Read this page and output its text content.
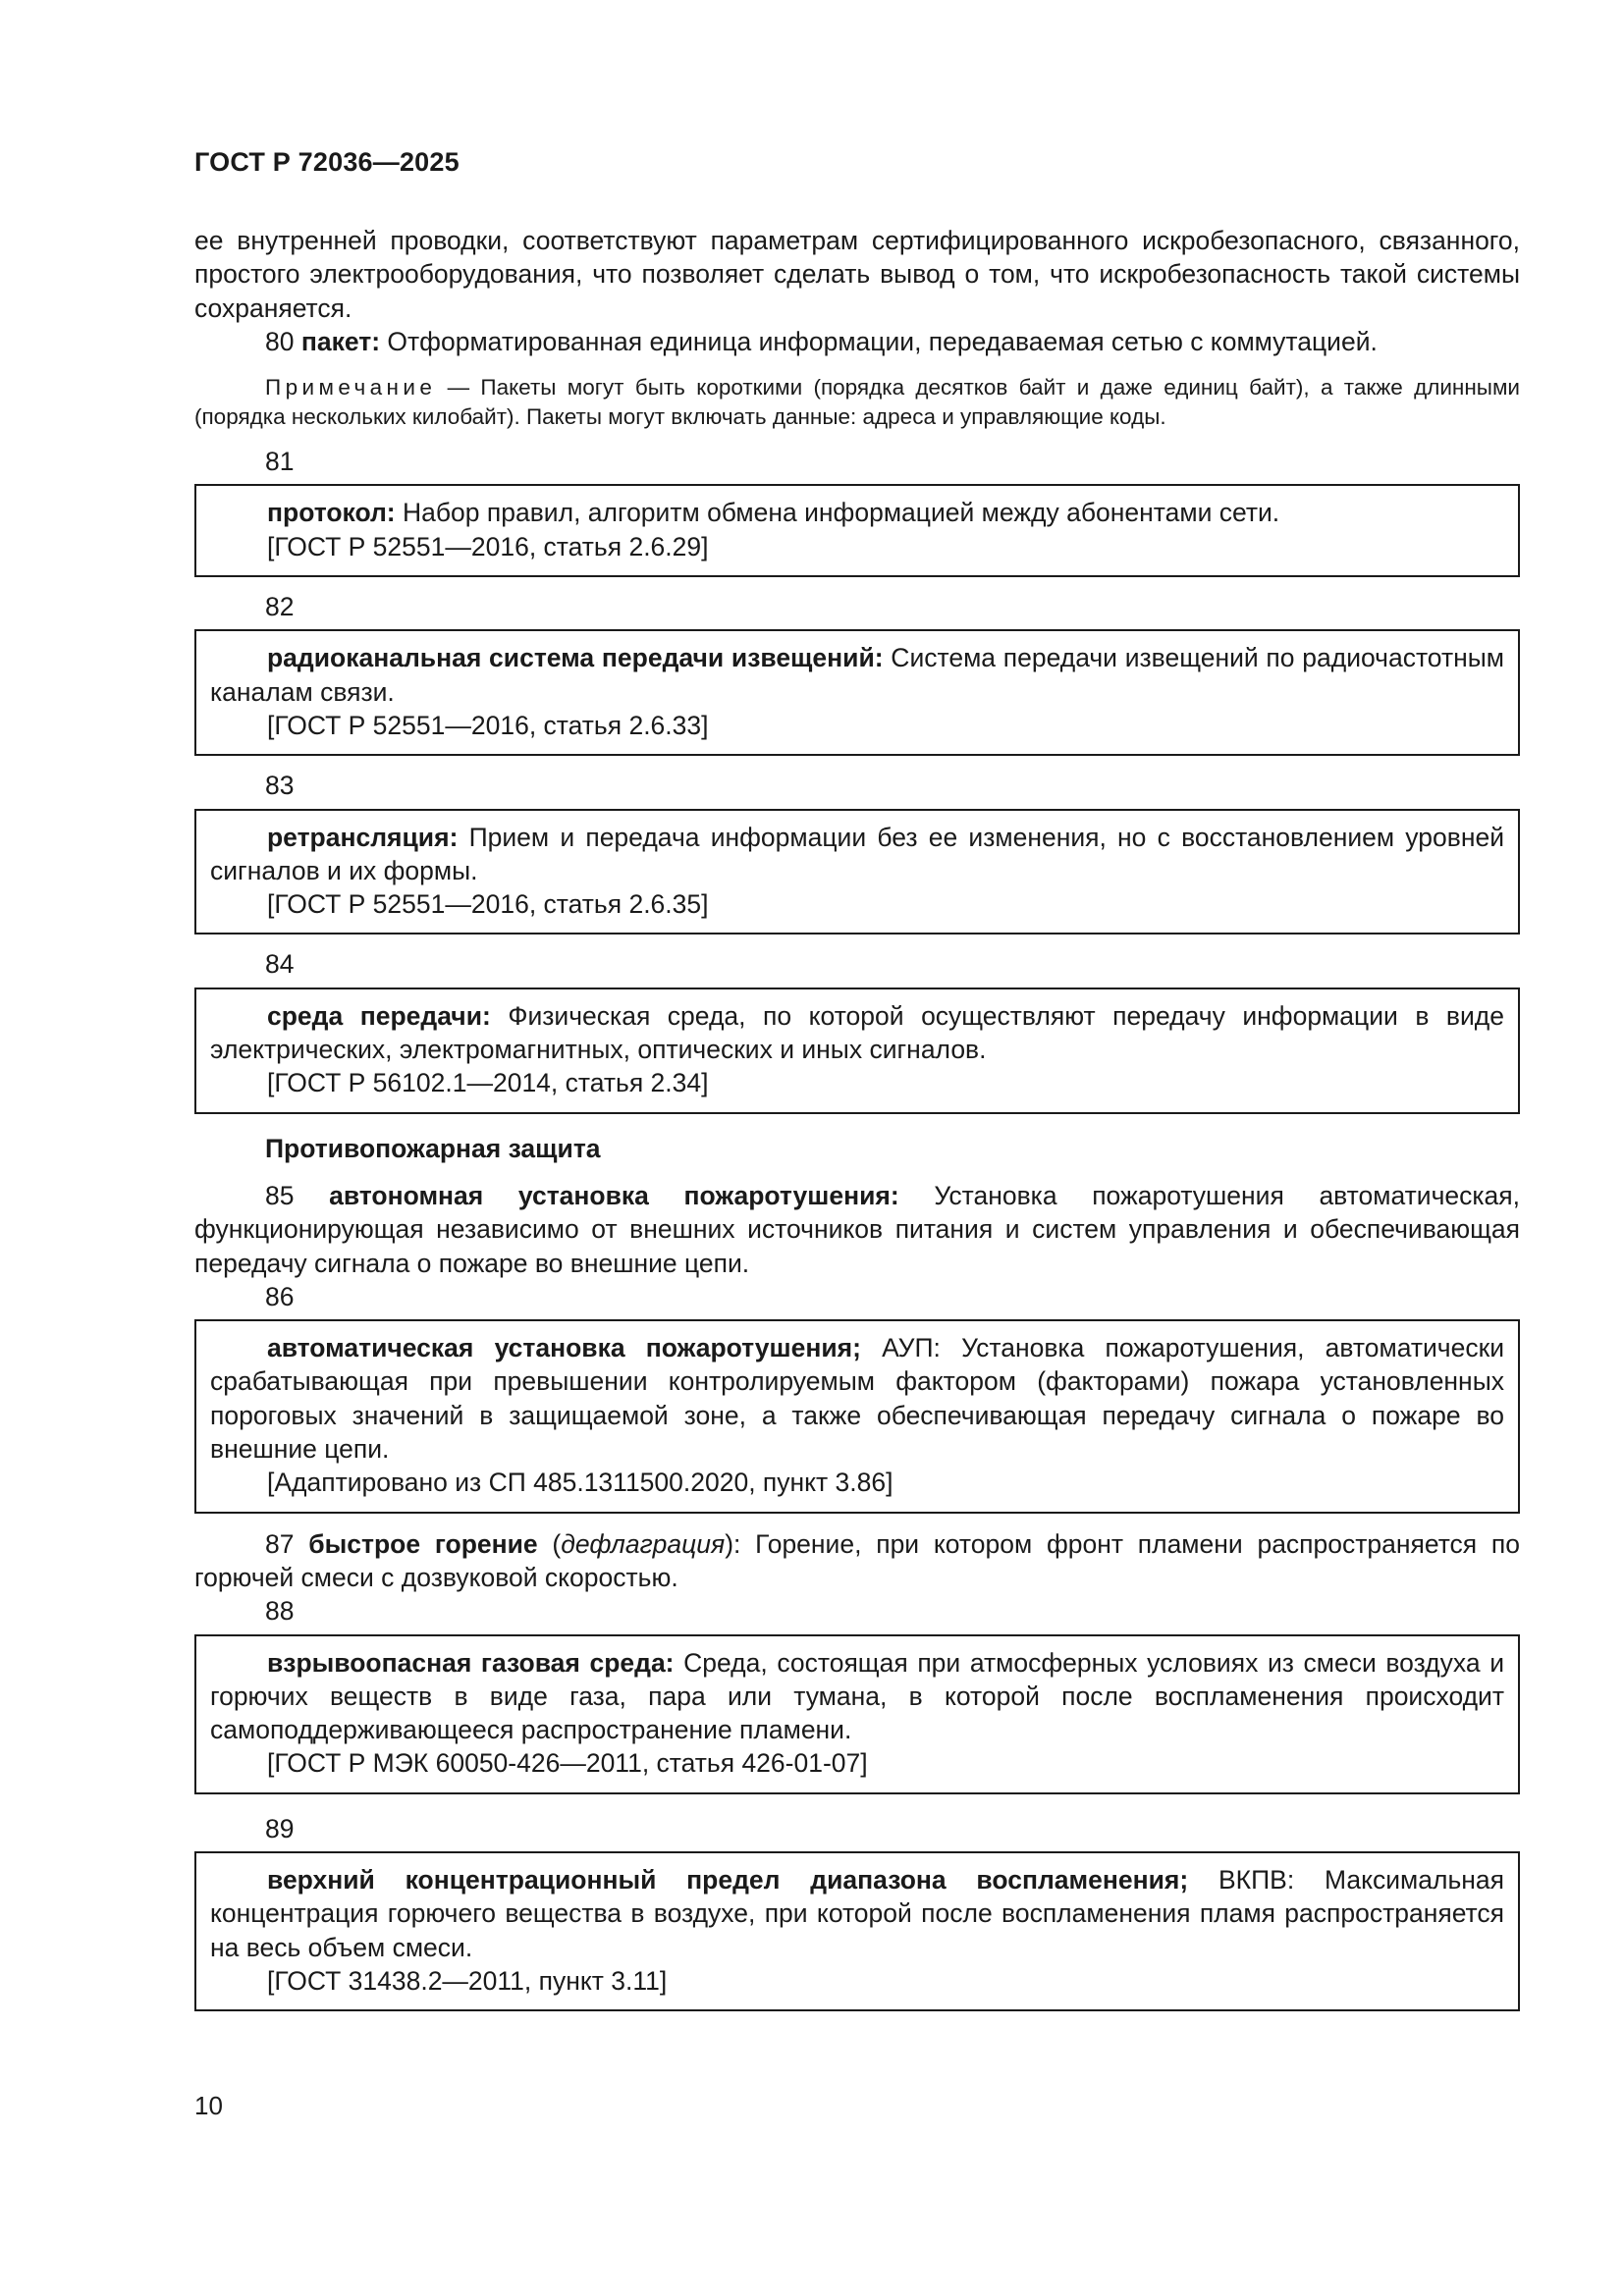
ГОСТ Р 72036—2025

ее внутренней проводки, соответствуют параметрам сертифицированного искробезопасного, связанного, простого электрооборудования, что позволяет сделать вывод о том, что искробезопасность такой системы сохраняется.

80 пакет: Отформатированная единица информации, передаваемая сетью с коммутацией.

Примечание — Пакеты могут быть короткими (порядка десятков байт и даже единиц байт), а также длинными (порядка нескольких килобайт). Пакеты могут включать данные: адреса и управляющие коды.

81

протокол: Набор правил, алгоритм обмена информацией между абонентами сети.

[ГОСТ Р 52551—2016, статья 2.6.29]

82

радиоканальная система передачи извещений: Система передачи извещений по радиочастотным каналам связи.

[ГОСТ Р 52551—2016, статья 2.6.33]

83

ретрансляция: Прием и передача информации без ее изменения, но с восстановлением уровней сигналов и их формы.

[ГОСТ Р 52551—2016, статья 2.6.35]

84

среда передачи: Физическая среда, по которой осуществляют передачу информации в виде электрических, электромагнитных, оптических и иных сигналов.

[ГОСТ Р 56102.1—2014, статья 2.34]

Противопожарная защита

85 автономная установка пожаротушения: Установка пожаротушения автоматическая, функционирующая независимо от внешних источников питания и систем управления и обеспечивающая передачу сигнала о пожаре во внешние цепи.

86

автоматическая установка пожаротушения; АУП: Установка пожаротушения, автоматически срабатывающая при превышении контролируемым фактором (факторами) пожара установленных пороговых значений в защищаемой зоне, а также обеспечивающая передачу сигнала о пожаре во внешние цепи.

[Адаптировано из СП 485.1311500.2020, пункт 3.86]

87 быстрое горение (дефлаграция): Горение, при котором фронт пламени распространяется по горючей смеси с дозвуковой скоростью.

88

взрывоопасная газовая среда: Среда, состоящая при атмосферных условиях из смеси воздуха и горючих веществ в виде газа, пара или тумана, в которой после воспламенения происходит самоподдерживающееся распространение пламени.

[ГОСТ Р МЭК 60050-426—2011, статья 426-01-07]

89

верхний концентрационный предел диапазона воспламенения; ВКПВ: Максимальная концентрация горючего вещества в воздухе, при которой после воспламенения пламя распространяется на весь объем смеси.

[ГОСТ 31438.2—2011, пункт 3.11]

10
